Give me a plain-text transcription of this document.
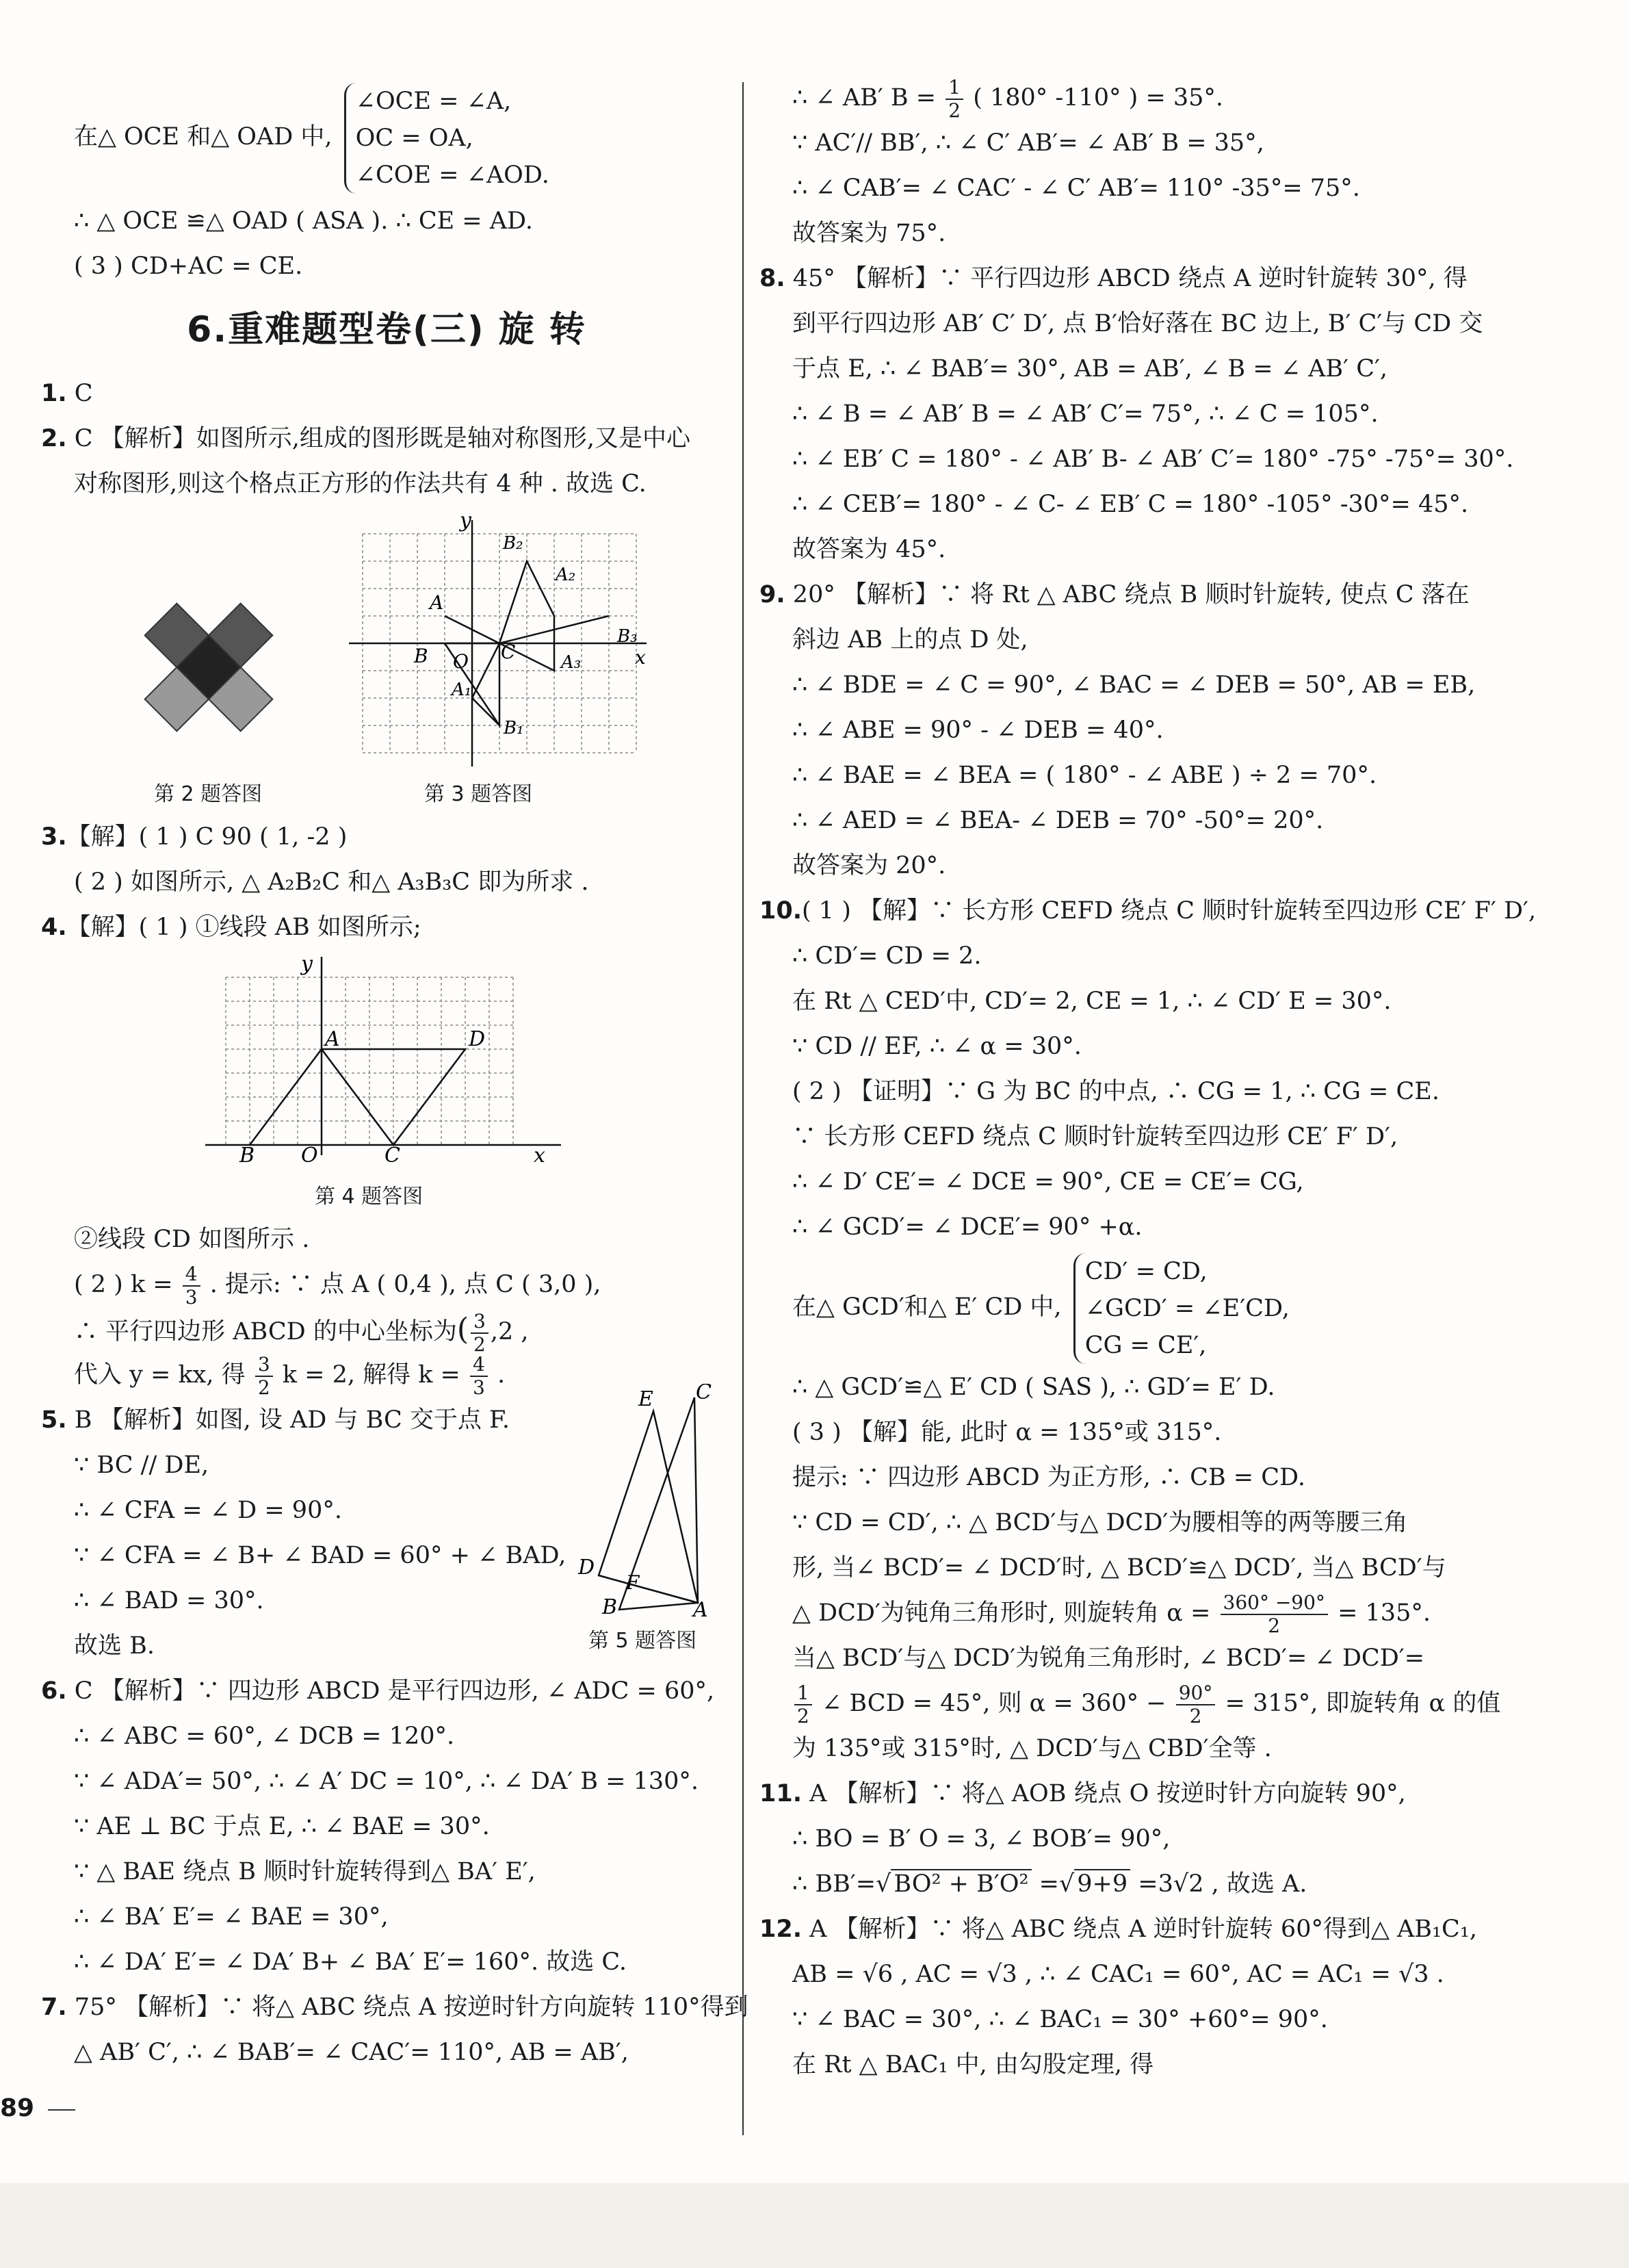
在△ OCE 和△ OAD 中,
∠OCE = ∠A,
OC = OA,
∠COE = ∠AOD.
∴ △ OCE ≌△ OAD ( ASA ). ∴ CE = AD.
( 3 ) CD+AC = CE.
6.重难题型卷(三) 旋 转
1. C
2. C 【解析】如图所示,组成的图形既是轴对称图形,又是中心
对称图形,则这个格点正方形的作法共有 4 种 . 故选 C.
第 2 题答图
y
B₂
A₂
A
B₃
B	C
O	A₃	x
A₁
B₁
第 3 题答图
3.【解】( 1 ) C 90 ( 1, -2 )
( 2 ) 如图所示, △ A₂B₂C 和△ A₃B₃C 即为所求 .
4.【解】( 1 ) ①线段 AB 如图所示;
y
A	D
B O	C	x
第 4 题答图
②线段 CD 如图所示 .
( 2 ) $k = \frac{4}{3}$ . 提示: ∵ 点 A ( 0,4 ), 点 C ( 3,0 ),
∴ 平行四边形 ABCD 的中心坐标为( $\frac{3}{2} ,2$ ,
代入 y = kx, 得 $\frac{3}{2}$ k = 2, 解得 $k = \frac{4}{3}$ .
5. B 【解析】如图, 设 AD 与 BC 交于点 F.
∵ BC // DE,
∴ ∠ CFA = ∠ D = 90°.
∵ ∠ CFA = ∠ B+ ∠ BAD = 60° + ∠ BAD,
∴ ∠ BAD = 30°.
故选 B.
E C
D
F
B	A
第 5 题答图
6. C 【解析】∵ 四边形 ABCD 是平行四边形, ∠ ADC = 60°,
∴ ∠ ABC = 60°, ∠ DCB = 120°.
∵ ∠ ADA′= 50°, ∴ ∠ A′ DC = 10°, ∴ ∠ DA′ B = 130°.
∵ AE ⊥ BC 于点 E, ∴ ∠ BAE = 30°.
∵ △ BAE 绕点 B 顺时针旋转得到△ BA′ E′,
∴ ∠ BA′ E′= ∠ BAE = 30°,
∴ ∠ DA′ E′= ∠ DA′ B+ ∠ BA′ E′= 160°. 故选 C.
7. 75° 【解析】∵ 将△ ABC 绕点 A 按逆时针方向旋转 110°得到
△ AB′ C′, ∴ ∠ BAB′= ∠ CAC′= 110°, AB = AB′,
∴ ∠ AB′ $B = \frac{1}{2}$ ( 180° -110° ) = 35°.
∵ AC′// BB′, ∴ ∠ C′ AB′= ∠ AB′ B = 35°,
∴ ∠ CAB′= ∠ CAC′ - ∠ C′ AB′= 110° -35°= 75°.
故答案为 75°.
8. 45° 【解析】∵ 平行四边形 ABCD 绕点 A 逆时针旋转 30°, 得
到平行四边形 AB′ C′ D′, 点 B′恰好落在 BC 边上, B′ C′与 CD 交
于点 E, ∴ ∠ BAB′= 30°, AB = AB′, ∠ B = ∠ AB′ C′,
∴ ∠ B = ∠ AB′ B = ∠ AB′ C′= 75°, ∴ ∠ C = 105°.
∴ ∠ EB′ C = 180° - ∠ AB′ B- ∠ AB′ C′= 180° -75° -75°= 30°.
∴ ∠ CEB′= 180° - ∠ C- ∠ EB′ C = 180° -105° -30°= 45°.
故答案为 45°.
9. 20° 【解析】∵ 将 Rt △ ABC 绕点 B 顺时针旋转, 使点 C 落在
斜边 AB 上的点 D 处,
∴ ∠ BDE = ∠ C = 90°, ∠ BAC = ∠ DEB = 50°, AB = EB,
∴ ∠ ABE = 90° - ∠ DEB = 40°.
∴ ∠ BAE = ∠ BEA = ( 180° - ∠ ABE ) ÷ 2 = 70°.
∴ ∠ AED = ∠ BEA- ∠ DEB = 70° -50°= 20°.
故答案为 20°.
10.( 1 ) 【解】∵ 长方形 CEFD 绕点 C 顺时针旋转至四边形 CE′ F′ D′,
∴ CD′= CD = 2.
在 Rt △ CED′中, CD′= 2, CE = 1, ∴ ∠ CD′ E = 30°.
∵ CD // EF, ∴ ∠ α = 30°.
( 2 ) 【证明】∵ G 为 BC 的中点, ∴ CG = 1, ∴ CG = CE.
∵ 长方形 CEFD 绕点 C 顺时针旋转至四边形 CE′ F′ D′,
∴ ∠ D′ CE′= ∠ DCE = 90°, CE = CE′= CG,
∴ ∠ GCD′= ∠ DCE′= 90° +α.
在△ GCD′和△ E′ CD 中,
CD′ = CD,
∠GCD′ = ∠E′CD,
CG = CE′,
∴ △ GCD′≌△ E′ CD ( SAS ), ∴ GD′= E′ D.
( 3 ) 【解】能, 此时 α = 135°或 315°.
提示: ∵ 四边形 ABCD 为正方形, ∴ CB = CD.
∵ CD = CD′, ∴ △ BCD′与△ DCD′为腰相等的两等腰三角
形, 当∠ BCD′= ∠ DCD′时, △ BCD′≌△ DCD′, 当△ BCD′与
△ DCD′为钝角三角形时, 则旋转角 $\alpha = \frac{360^\circ -90^\circ}{2} = 135^\circ$.
当△ BCD′与△ DCD′为锐角三角形时, ∠ BCD′= ∠ DCD′=
$\frac{1}{2}$ ∠ BCD = 45°, 则 $\alpha = 360^\circ - \frac{90^\circ}{2} = 315^\circ$, 即旋转角 α 的值
为 135°或 315°时, △ DCD′与△ CBD′全等 .
11. A 【解析】∵ 将△ AOB 绕点 O 按逆时针方向旋转 90°,
∴ BO = B′ O = 3, ∠ BOB′= 90°,
∴ BB′=√ BO² + B′O² =√ 9+9 =3√2 , 故选 A.
12. A 【解析】∵ 将△ ABC 绕点 A 逆时针旋转 60°得到△ AB₁C₁,
AB = √6 , AC = √3 , ∴ ∠ CAC₁ = 60°, AC = AC₁ = √3 .
∵ ∠ BAC = 30°, ∴ ∠ BAC₁ = 30° +60°= 90°.
在 Rt △ BAC₁ 中, 由勾股定理, 得
89
